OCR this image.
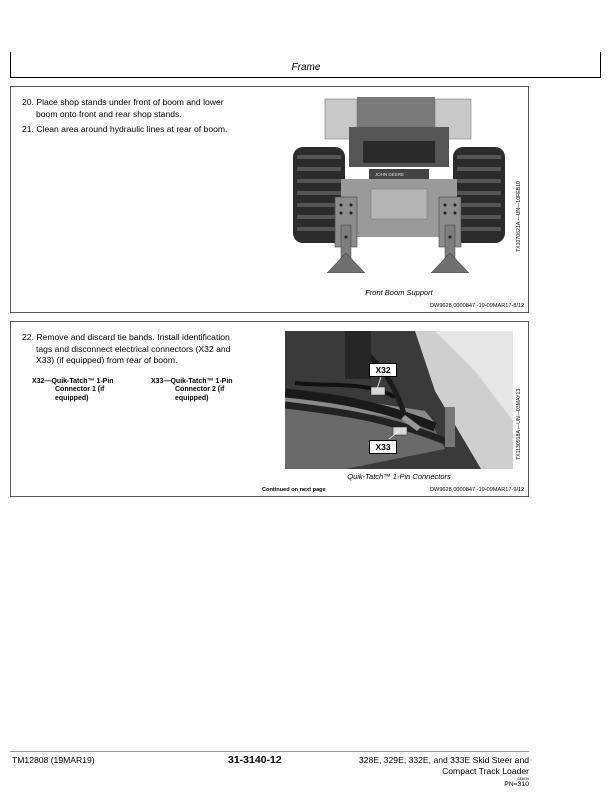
Frame
20. Place shop stands under front of boom and lower
boom onto front and rear shop stands.
21. Clean area around hydraulic lines at rear of boom.
JOHN DEERE
TX1070621A —UN—10FEB10
Front Boom Support
DW9628,0000847 -19-09MAR17-8/12
22. Remove and discard tie bands. Install identification
tags and disconnect electrical connectors (X32 and
X33) (if equipped) from rear of boom.
X32—Quik-Tatch™ 1-Pin
Connector 1 (if
equipped)
X33—Quik-Tatch™ 1-Pin
Connector 2 (if
equipped)
X32
X33	TX1130918A —UN—03MAY13
Quik-Tatch™ 1-Pin Connectors
Continued on next page	DW9628,0000847 -19-09MAR17-9/12
TM12808 (19MAR19)	31-3140-12	328E, 329E, 332E, and 333E Skid Steer and
Compact Track Loader
031919
PN=310
